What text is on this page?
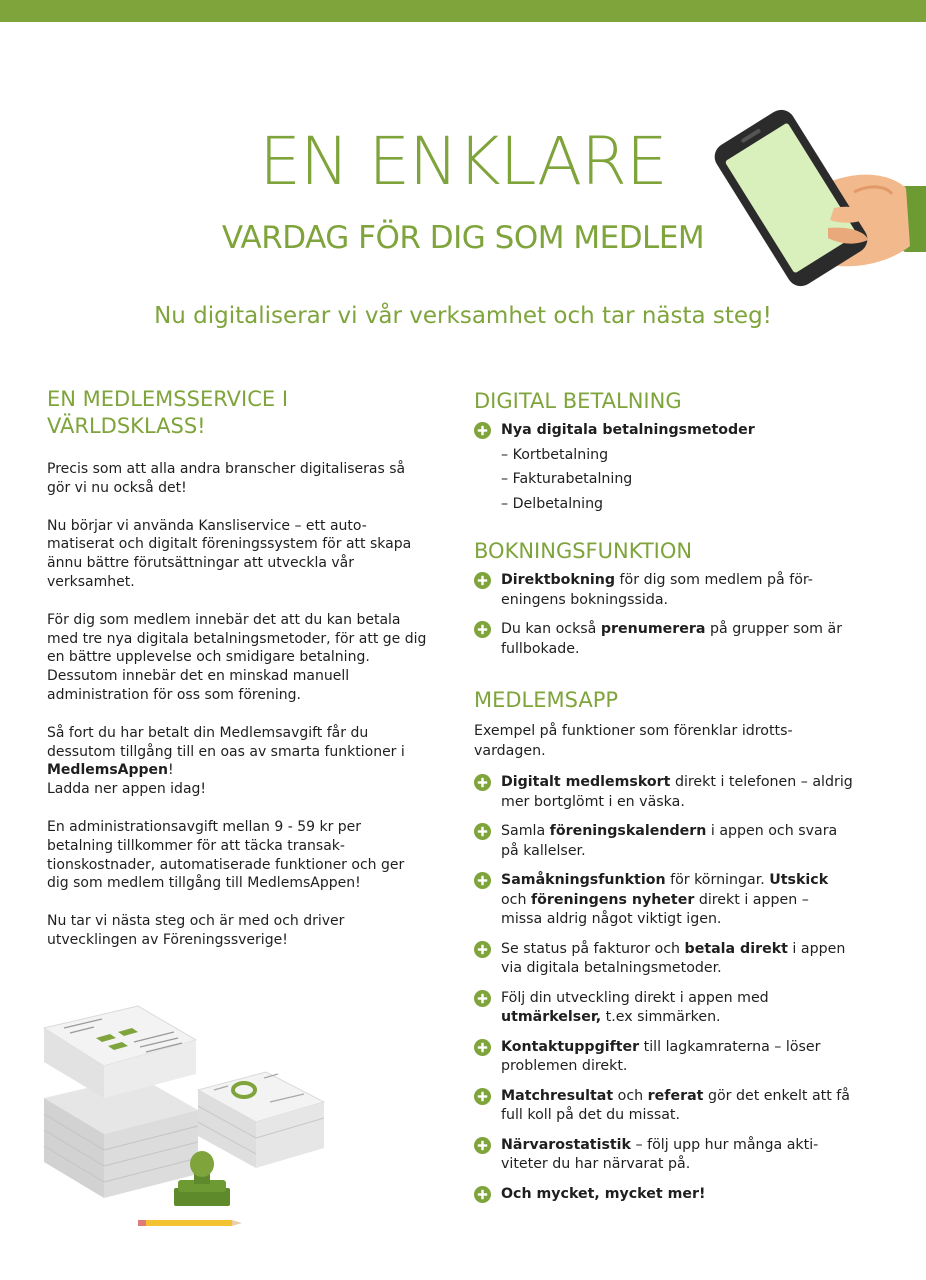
EN ENKLARE
VARDAG FÖR DIG SOM MEDLEM
Nu digitaliserar vi vår verksamhet och tar nästa steg!
EN MEDLEMSSERVICE I
VÄRLDSKLASS!

Precis som att alla andra branscher digitaliseras så gör vi nu också det!

Nu börjar vi använda Kansliservice – ett auto-matiserat och digitalt föreningssystem för att skapa ännu bättre förutsättningar att utveckla vår verksamhet.

För dig som medlem innebär det att du kan betala med tre nya digitala betalningsmetoder, för att ge dig en bättre upplevelse och smidigare betalning. Dessutom innebär det en minskad manuell administration för oss som förening.

Så fort du har betalt din Medlemsavgift får du dessutom tillgång till en oas av smarta funktioner i MedlemsAppen!
Ladda ner appen idag!

En administrationsavgift mellan 9 - 59 kr per betalning tillkommer för att täcka transak-tionskostnader, automatiserade funktioner och ger dig som medlem tillgång till MedlemsAppen!

Nu tar vi nästa steg och är med och driver utvecklingen av Föreningssverige!

DIGITAL BETALNING
Nya digitala betalningsmetoder
– Kortbetalning
– Fakturabetalning
– Delbetalning
BOKNINGSFUNKTION
Direktbokning för dig som medlem på för-eningens bokningssida.
Du kan också prenumerera på grupper som är fullbokade.
MEDLEMSAPP

Exempel på funktioner som förenklar idrotts-vardagen.

Digitalt medlemskort direkt i telefonen – aldrig mer bortglömt i en väska.
Samla föreningskalendern i appen och svara på kallelser.
Samåkningsfunktion för körningar. Utskick och föreningens nyheter direkt i appen – missa aldrig något viktigt igen.
Se status på fakturor och betala direkt i appen via digitala betalningsmetoder.
Följ din utveckling direkt i appen med utmärkelser, t.ex simmärken.
Kontaktuppgifter till lagkamraterna – löser problemen direkt.
Matchresultat och referat gör det enkelt att få full koll på det du missat.
Närvarostatistik – följ upp hur många akti-viteter du har närvarat på.
Och mycket, mycket mer!
